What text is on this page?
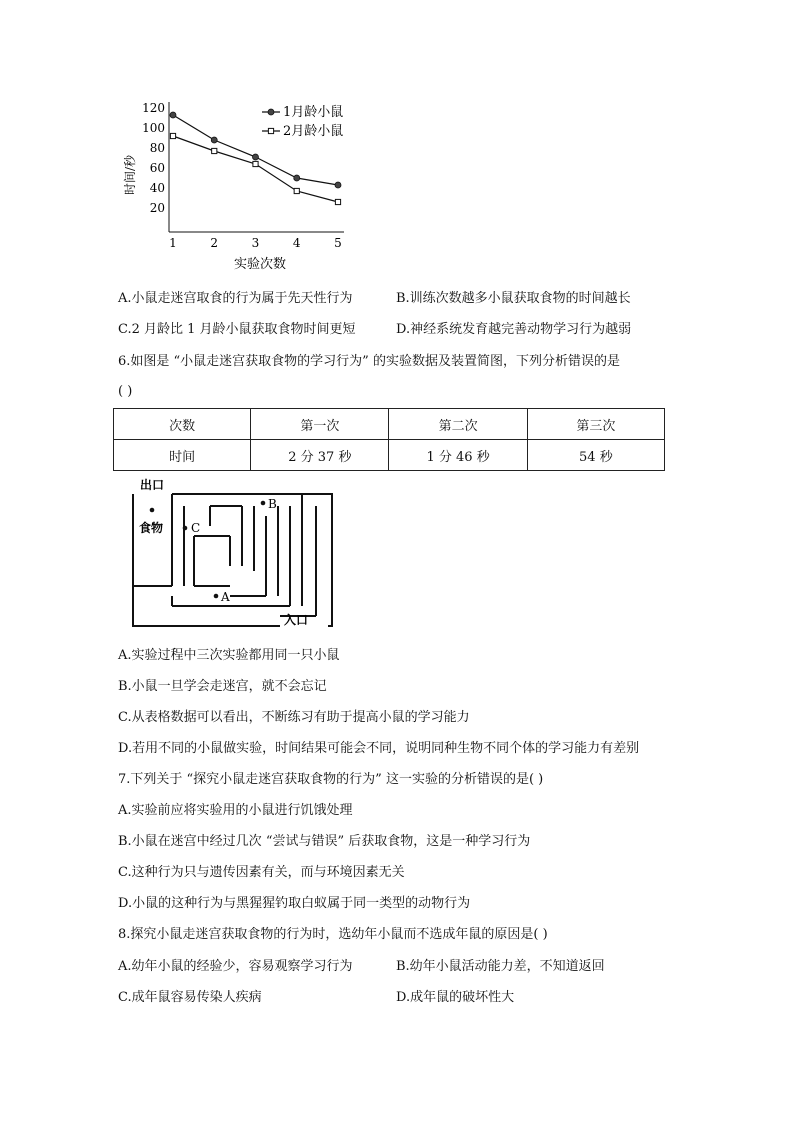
120
100
80
60
40
20
1	2	3	4	5
1月龄小鼠
2月龄小鼠
时间/秒
实验次数
A.小鼠走迷宫取食的行为属于先天性行为	B.训练次数越多小鼠获取食物的时间越长
C.2 月龄比 1 月龄小鼠获取食物时间更短	D.神经系统发育越完善动物学习行为越弱
6.如图是 “小鼠走迷宫获取食物的学习行为” 的实验数据及装置简图，下列分析错误的是
( )
次数	第一次	第二次	第三次
时间	2 分 37 秒	1 分 46 秒	54 秒
出口
食物 C
B
A
入口
A.实验过程中三次实验都用同一只小鼠
B.小鼠一旦学会走迷宫，就不会忘记
C.从表格数据可以看出，不断练习有助于提高小鼠的学习能力
D.若用不同的小鼠做实验，时间结果可能会不同，说明同种生物不同个体的学习能力有差别
7.下列关于 “探究小鼠走迷宫获取食物的行为” 这一实验的分析错误的是( )
A.实验前应将实验用的小鼠进行饥饿处理
B.小鼠在迷宫中经过几次 “尝试与错误” 后获取食物，这是一种学习行为
C.这种行为只与遗传因素有关，而与环境因素无关
D.小鼠的这种行为与黑猩猩钓取白蚁属于同一类型的动物行为
8.探究小鼠走迷宫获取食物的行为时，选幼年小鼠而不选成年鼠的原因是( )
A.幼年小鼠的经验少，容易观察学习行为	B.幼年小鼠活动能力差，不知道返回
C.成年鼠容易传染人疾病	D.成年鼠的破坏性大
